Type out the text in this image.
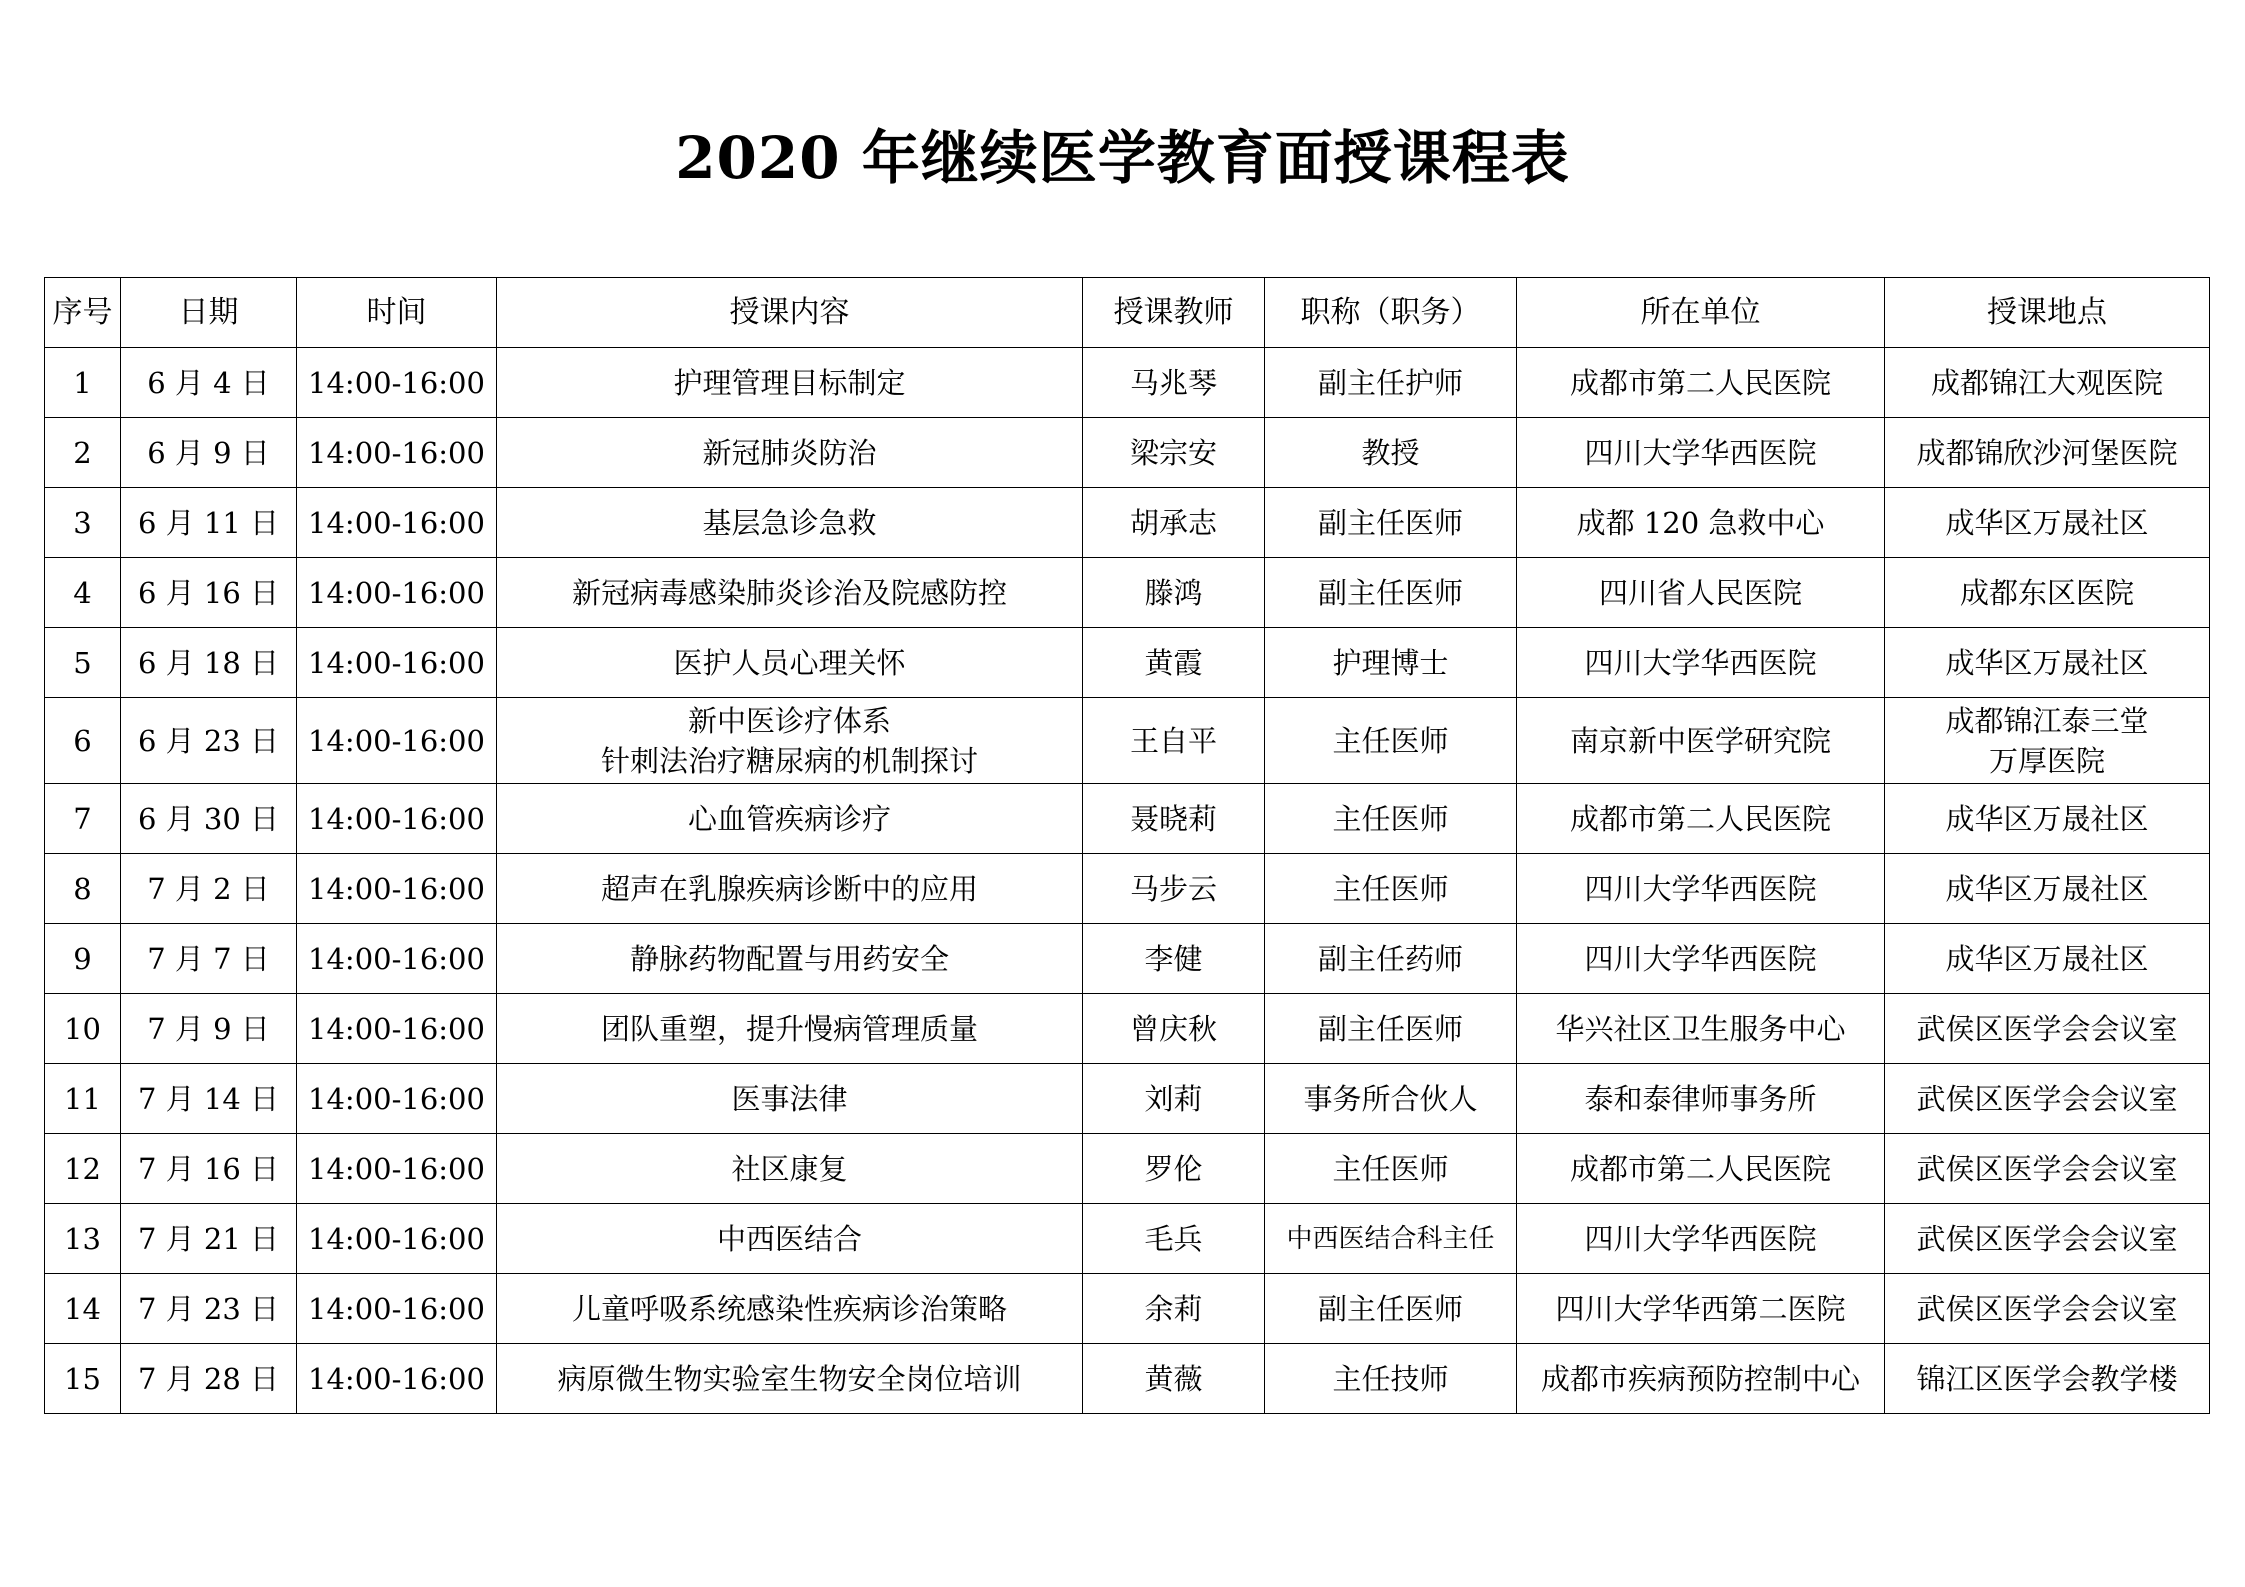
2020 年继续医学教育面授课程表
序号	日期	时间	授课内容	授课教师	职称（职务）	所在单位	授课地点
1	6 月 4 日	14:00-16:00	护理管理目标制定	马兆琴	副主任护师	成都市第二人民医院	成都锦江大观医院

2	6 月 9 日	14:00-16:00	新冠肺炎防治	梁宗安	教授	四川大学华西医院	成都锦欣沙河堡医院

3	6 月 11 日	14:00-16:00	基层急诊急救	胡承志	副主任医师	成都 120 急救中心	成华区万晟社区

4	6 月 16 日	14:00-16:00	新冠病毒感染肺炎诊治及院感防控	滕鸿	副主任医师	四川省人民医院	成都东区医院

5	6 月 18 日	14:00-16:00	医护人员心理关怀	黄霞	护理博士	四川大学华西医院	成华区万晟社区

6	6 月 23 日	14:00-16:00	新中医诊疗体系
针刺法治疗糖尿病的机制探讨	王自平	主任医师	南京新中医学研究院	成都锦江泰三堂
万厚医院

7	6 月 30 日	14:00-16:00	心血管疾病诊疗	聂晓莉	主任医师	成都市第二人民医院	成华区万晟社区

8	7 月 2 日	14:00-16:00	超声在乳腺疾病诊断中的应用	马步云	主任医师	四川大学华西医院	成华区万晟社区

9	7 月 7 日	14:00-16:00	静脉药物配置与用药安全	李健	副主任药师	四川大学华西医院	成华区万晟社区

10	7 月 9 日	14:00-16:00	团队重塑，提升慢病管理质量	曾庆秋	副主任医师	华兴社区卫生服务中心	武侯区医学会会议室

11	7 月 14 日	14:00-16:00	医事法律	刘莉	事务所合伙人	泰和泰律师事务所	武侯区医学会会议室

12	7 月 16 日	14:00-16:00	社区康复	罗伦	主任医师	成都市第二人民医院	武侯区医学会会议室

13	7 月 21 日	14:00-16:00	中西医结合	毛兵	中西医结合科主任	四川大学华西医院	武侯区医学会会议室

14	7 月 23 日	14:00-16:00	儿童呼吸系统感染性疾病诊治策略	余莉	副主任医师	四川大学华西第二医院	武侯区医学会会议室

15	7 月 28 日	14:00-16:00	病原微生物实验室生物安全岗位培训	黄薇	主任技师	成都市疾病预防控制中心	锦江区医学会教学楼
